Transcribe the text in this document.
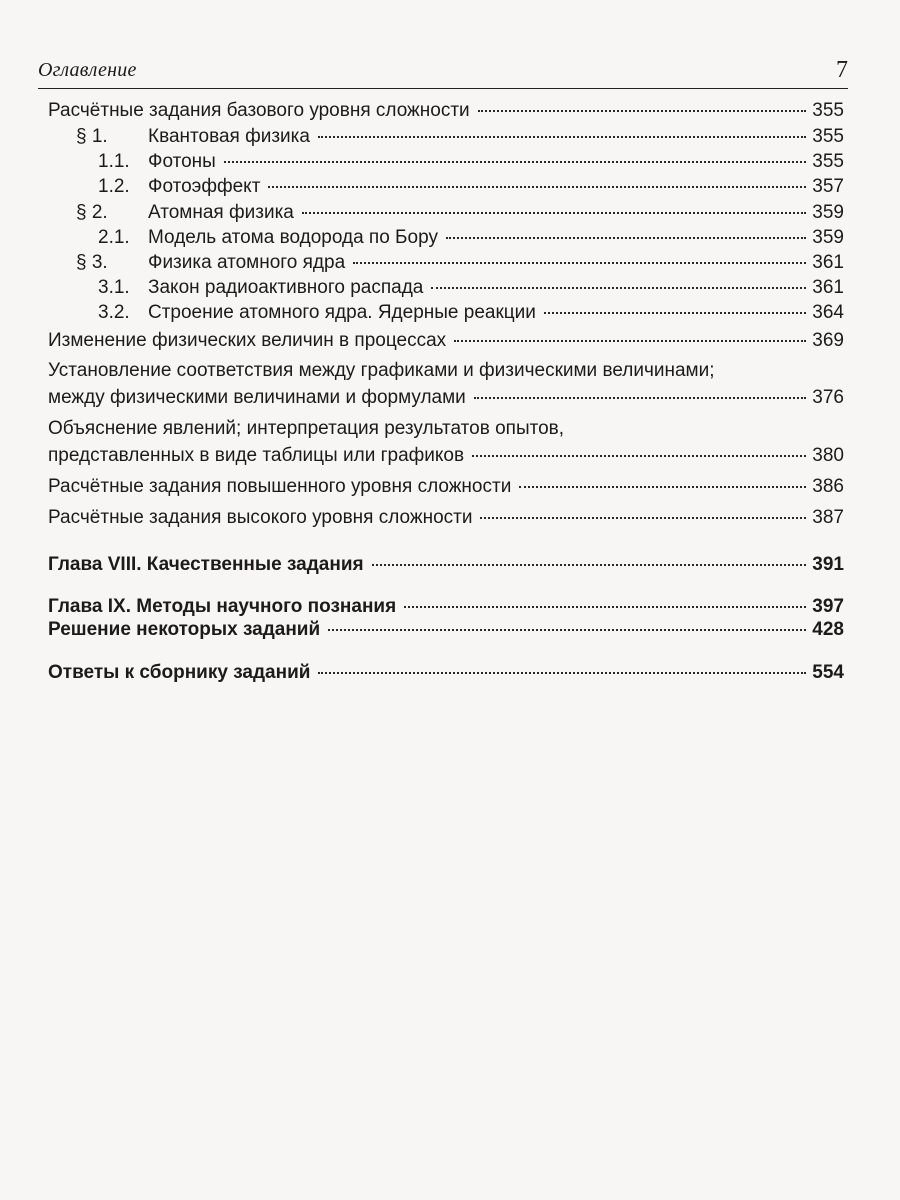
Оглавление	7
Расчётные задания базового уровня сложности	355
§ 1.	Квантовая физика	355
1.1. Фотоны	355
1.2. Фотоэффект	357
§ 2.	Атомная физика	359
2.1. Модель атома водорода по Бору	359
§ 3.	Физика атомного ядра	361
3.1. Закон радиоактивного распада	361
3.2. Строение атомного ядра. Ядерные реакции	364
Изменение физических величин в процессах	369
Установление соответствия между графиками и физическими величинами;
между физическими величинами и формулами	376
Объяснение явлений; интерпретация результатов опытов,
представленных в виде таблицы или графиков	380
Расчётные задания повышенного уровня сложности	386
Расчётные задания высокого уровня сложности	387
Глава VIII. Качественные задания	391
Глава IX. Методы научного познания	397
Решение некоторых заданий	428
Ответы к сборнику заданий	554
